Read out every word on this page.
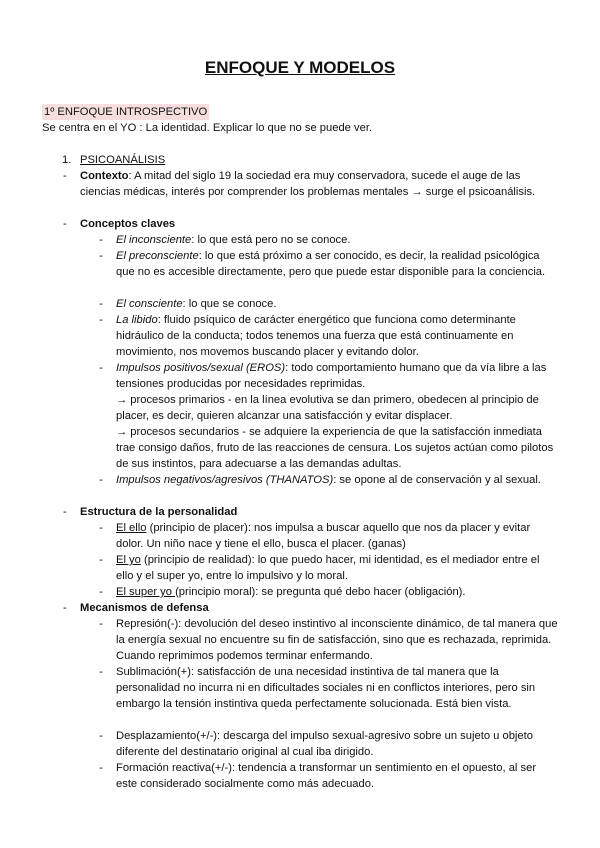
ENFOQUE Y MODELOS
1º ENFOQUE INTROSPECTIVO
Se centra en el YO : La identidad. Explicar lo que no se puede ver.
1. PSICOANÁLISIS
- Contexto: A mitad del siglo 19 la sociedad era muy conservadora, sucede el auge de las ciencias médicas, interés por comprender los problemas mentales → surge el psicoanálisis.
- Conceptos claves
- El inconsciente: lo que está pero no se conoce.
- El preconsciente: lo que está próximo a ser conocido, es decir, la realidad psicológica que no es accesible directamente, pero que puede estar disponible para la conciencia.
- El consciente: lo que se conoce.
- La libido: fluido psíquico de carácter energético que funciona como determinante hidráulico de la conducta; todos tenemos una fuerza que está continuamente en movimiento, nos movemos buscando placer y evitando dolor.
- Impulsos positivos/sexual (EROS): todo comportamiento humano que da vía libre a las tensiones producidas por necesidades reprimidas.
→ procesos primarios - en la línea evolutiva se dan primero, obedecen al principio de placer, es decir, quieren alcanzar una satisfacción y evitar displacer.
→ procesos secundarios - se adquiere la experiencia de que la satisfacción inmediata trae consigo daños, fruto de las reacciones de censura. Los sujetos actúan como pilotos de sus instintos, para adecuarse a las demandas adultas.
- Impulsos negativos/agresivos (THANATOS): se opone al de conservación y al sexual.
- Estructura de la personalidad
- El ello (principio de placer): nos impulsa a buscar aquello que nos da placer y evitar dolor. Un niño nace y tiene el ello, busca el placer. (ganas)
- El yo (principio de realidad): lo que puedo hacer, mi identidad, es el mediador entre el ello y el super yo, entre lo impulsivo y lo moral.
- El super yo (principio moral): se pregunta qué debo hacer (obligación).
- Mecanismos de defensa
- Represión(-): devolución del deseo instintivo al inconsciente dinámico, de tal manera que la energía sexual no encuentre su fin de satisfacción, sino que es rechazada, reprimida. Cuando reprimimos podemos terminar enfermando.
- Sublimación(+): satisfacción de una necesidad instintiva de tal manera que la personalidad no incurra ni en dificultades sociales ni en conflictos interiores, pero sin embargo la tensión instintiva queda perfectamente solucionada. Está bien vista.
- Desplazamiento(+/-): descarga del impulso sexual-agresivo sobre un sujeto u objeto diferente del destinatario original al cual iba dirigido.
- Formación reactiva(+/-): tendencia a transformar un sentimiento en el opuesto, al ser este considerado socialmente como más adecuado.
